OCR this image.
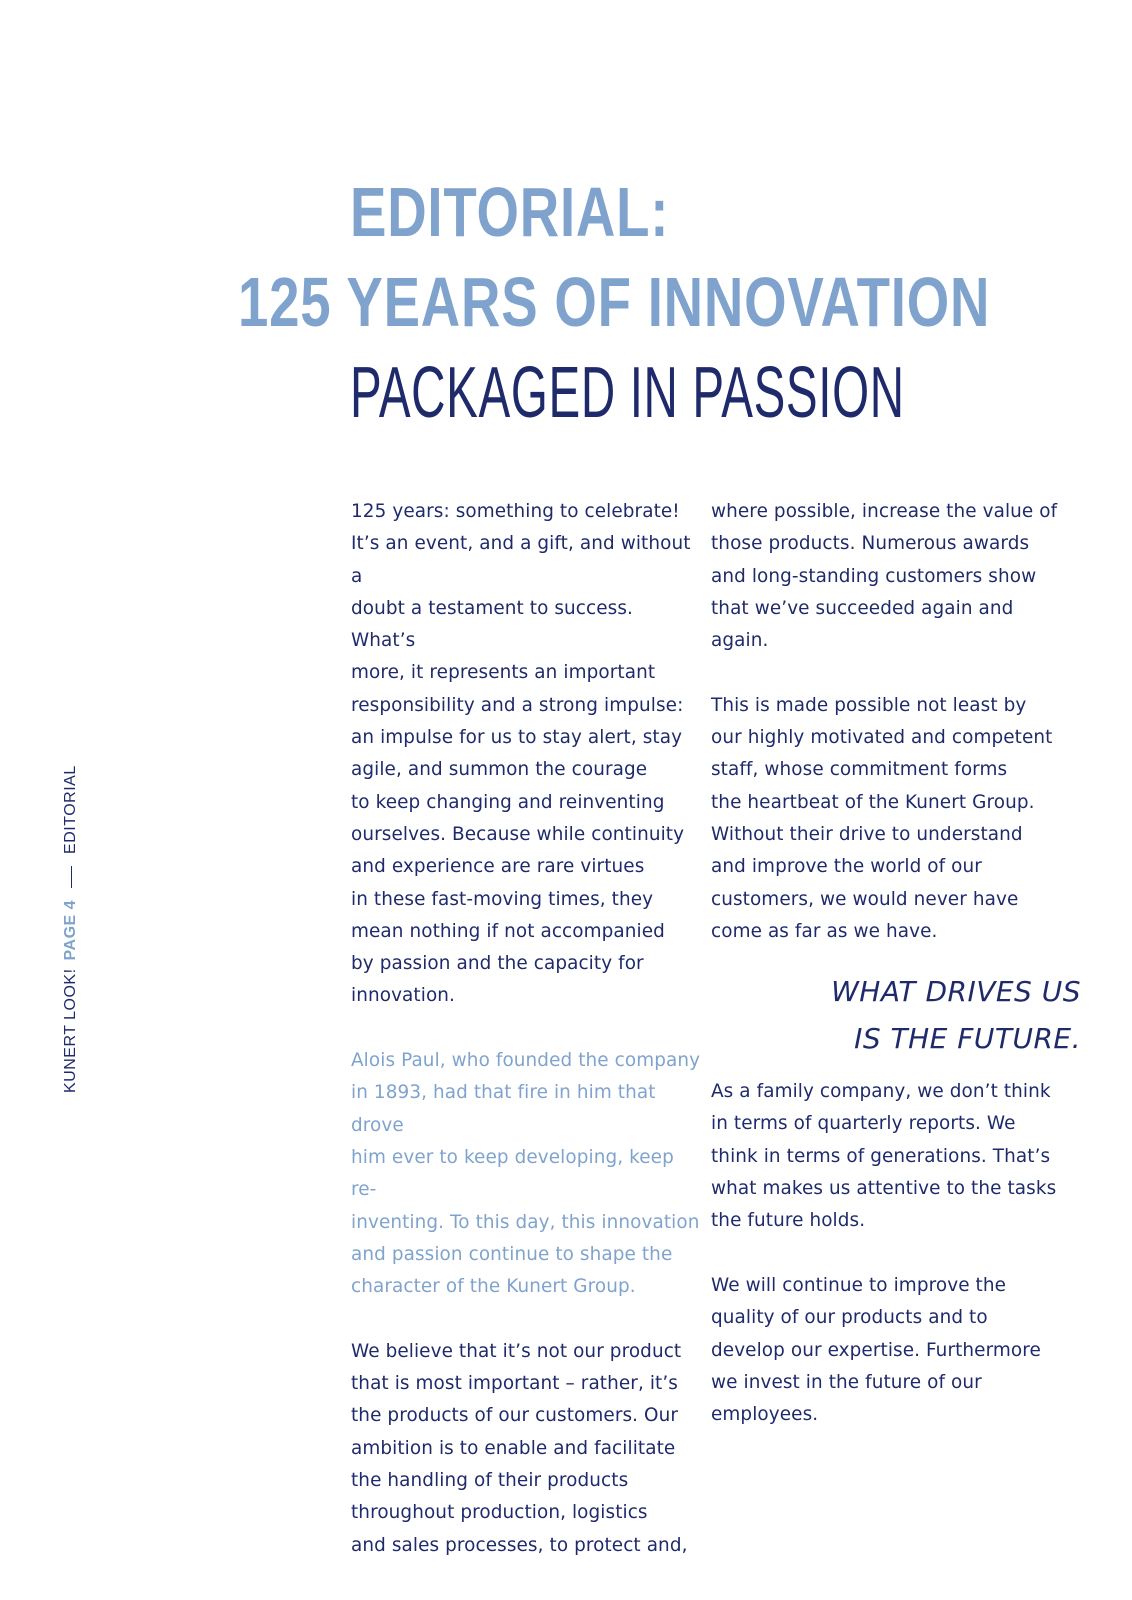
EDITORIAL:
125 YEARS OF INNOVATION
PACKAGED IN PASSION
KUNERT LOOK!
PAGE 4
EDITORIAL

125 years: something to celebrate!
It’s an event, and a gift, and without a
doubt a testament to success. What’s
more, it represents an important
responsibility and a strong impulse:
an impulse for us to stay alert, stay
agile, and summon the courage
to keep changing and reinventing
ourselves. Because while continuity
and experience are rare virtues
in these fast-moving times, they
mean nothing if not accompanied
by passion and the capacity for
innovation.

Alois Paul, who founded the company
in 1893, had that fire in him that drove
him ever to keep developing, keep re-
inventing. To this day, this innovation
and passion continue to shape the
character of the Kunert Group.

We believe that it’s not our product
that is most important – rather, it’s
the products of our customers. Our
ambition is to enable and facilitate
the handling of their products
throughout production, logistics
and sales processes, to protect and,

where possible, increase the value of
those products. Numerous awards
and long-standing customers show
that we’ve succeeded again and
again.

This is made possible not least by
our highly motivated and competent
staff, whose commitment forms
the heartbeat of the Kunert Group.
Without their drive to understand
and improve the world of our
customers, we would never have
come as far as we have.

WHAT DRIVES US
IS THE FUTURE.

As a family company, we don’t think
in terms of quarterly reports. We
think in terms of generations. That’s
what makes us attentive to the tasks
the future holds.

We will continue to improve the
quality of our products and to
develop our expertise. Furthermore
we invest in the future of our
employees.
